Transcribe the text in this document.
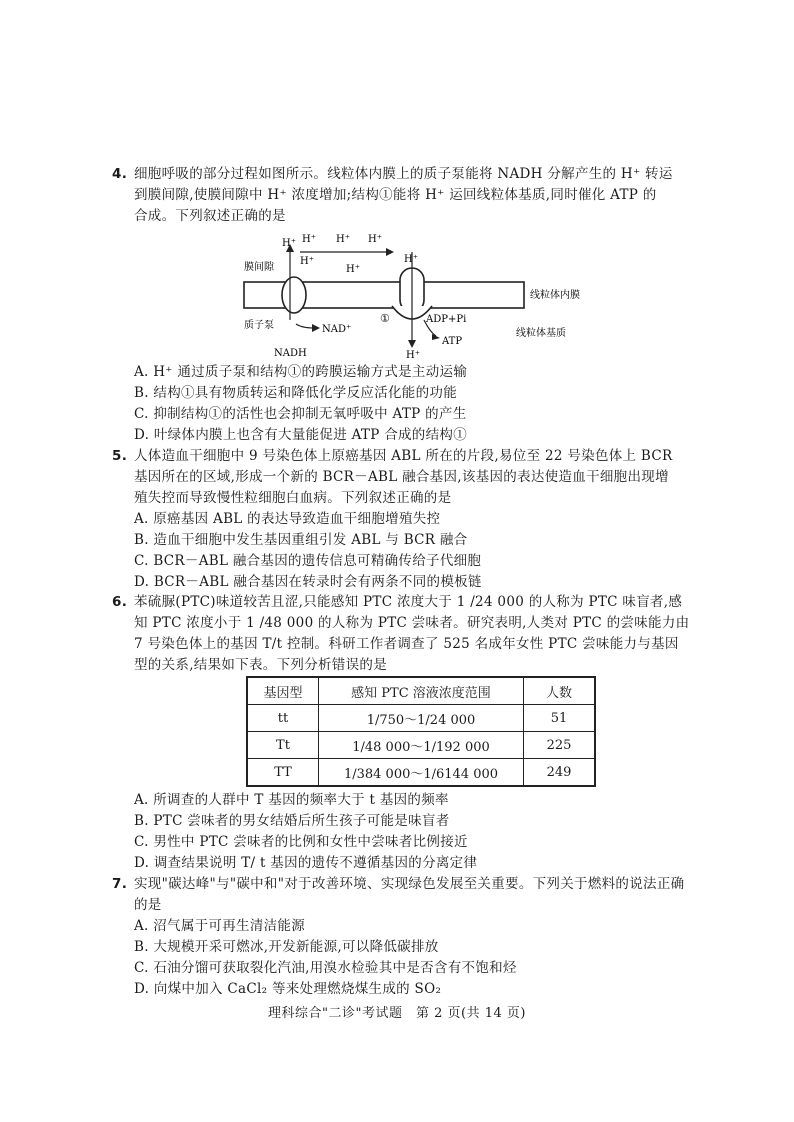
4. 细胞呼吸的部分过程如图所示。线粒体内膜上的质子泵能将 NADH 分解产生的 H⁺ 转运
到膜间隙,使膜间隙中 H⁺ 浓度增加;结构①能将 H⁺ 运回线粒体基质,同时催化 ATP 的
合成。下列叙述正确的是
H⁺ H⁺ H⁺ H⁺
H⁺
H⁺
H⁺
H⁺
膜间隙
质子泵
NADH
NAD⁺
①	ADP+Pi
ATP
线粒体内膜
线粒体基质
A. H⁺ 通过质子泵和结构①的跨膜运输方式是主动运输
B. 结构①具有物质转运和降低化学反应活化能的功能
C. 抑制结构①的活性也会抑制无氧呼吸中 ATP 的产生
D. 叶绿体内膜上也含有大量能促进 ATP 合成的结构①
5. 人体造血干细胞中 9 号染色体上原癌基因 ABL 所在的片段,易位至 22 号染色体上 BCR
基因所在的区域,形成一个新的 BCR－ABL 融合基因,该基因的表达使造血干细胞出现增
殖失控而导致慢性粒细胞白血病。下列叙述正确的是
A. 原癌基因 ABL 的表达导致造血干细胞增殖失控
B. 造血干细胞中发生基因重组引发 ABL 与 BCR 融合
C. BCR－ABL 融合基因的遗传信息可精确传给子代细胞
D. BCR－ABL 融合基因在转录时会有两条不同的模板链
6. 苯硫脲(PTC)味道较苦且涩,只能感知 PTC 浓度大于 1 /24 000 的人称为 PTC 味盲者,感
知 PTC 浓度小于 1 /48 000 的人称为 PTC 尝味者。研究表明,人类对 PTC 的尝味能力由
7 号染色体上的基因 T/t 控制。科研工作者调查了 525 名成年女性 PTC 尝味能力与基因
型的关系,结果如下表。下列分析错误的是
基因型	感知 PTC 溶液浓度范围	人数
tt	1/750～1/24 000	51
Tt	1/48 000～1/192 000	225
TT	1/384 000～1/6144 000	249
A. 所调查的人群中 T 基因的频率大于 t 基因的频率
B. PTC 尝味者的男女结婚后所生孩子可能是味盲者
C. 男性中 PTC 尝味者的比例和女性中尝味者比例接近
D. 调查结果说明 T/ t 基因的遗传不遵循基因的分离定律
7. 实现"碳达峰"与"碳中和"对于改善环境、实现绿色发展至关重要。下列关于燃料的说法正确
的是
A. 沼气属于可再生清洁能源
B. 大规模开采可燃冰,开发新能源,可以降低碳排放
C. 石油分馏可获取裂化汽油,用溴水检验其中是否含有不饱和烃
D. 向煤中加入 CaCl₂ 等来处理燃烧煤生成的 SO₂
理科综合"二诊"考试题　第 2 页(共 14 页)
